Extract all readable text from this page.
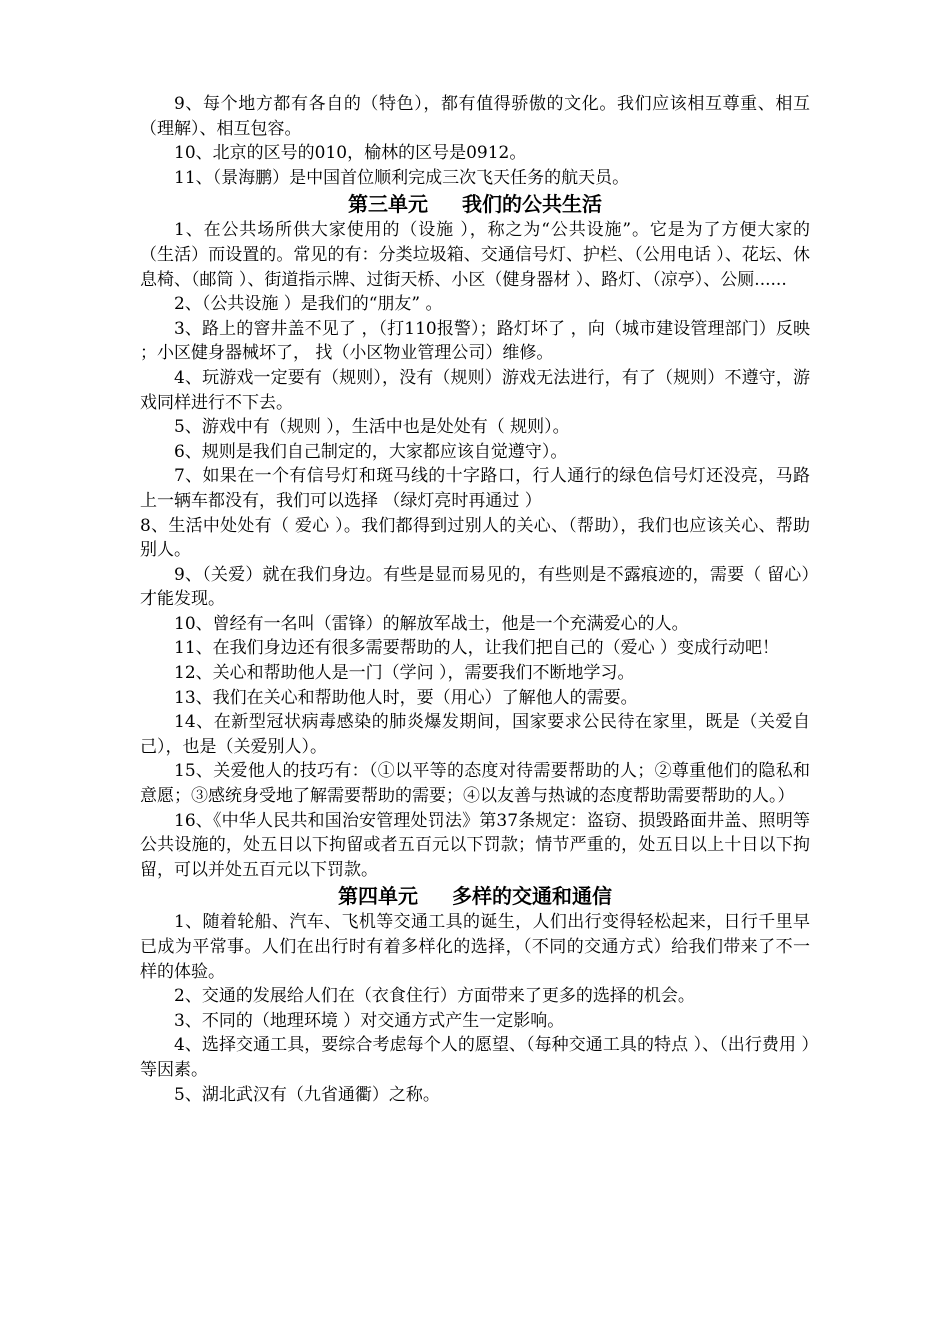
9、每个地方都有各自的（特色），都有值得骄傲的文化。我们应该相互尊重、相互（理解）、相互包容。

10、北京的区号的010，榆林的区号是0912。

11、（景海鹏）是中国首位顺利完成三次飞天任务的航天员。

第三单元 我们的公共生活

1、在公共场所供大家使用的（设施 ），称之为“公共设施”。它是为了方便大家的（生活）而设置的。常见的有：分类垃圾箱、交通信号灯、护栏、（公用电话 ）、花坛、休息椅、（邮筒 ）、街道指示牌、过街天桥、小区（健身器材 ）、路灯、（凉亭）、公厕......

2、（公共设施 ）是我们的“朋友” 。

3、路上的窨井盖不见了 ，（打110报警）；路灯坏了 ，向（城市建设管理部门）反映 ；小区健身器械坏了， 找（小区物业管理公司）维修。

4、玩游戏一定要有（规则），没有（规则）游戏无法进行，有了（规则）不遵守，游戏同样进行不下去。

5、游戏中有（规则 ），生活中也是处处有（ 规则）。

6、规则是我们自己制定的，大家都应该自觉遵守）。

7、如果在一个有信号灯和斑马线的十字路口，行人通行的绿色信号灯还没亮，马路上一辆车都没有，我们可以选择 （绿灯亮时再通过 ）

8、生活中处处有（ 爱心 ）。我们都得到过别人的关心、（帮助），我们也应该关心、帮助别人。

9、（关爱）就在我们身边。有些是显而易见的，有些则是不露痕迹的，需要（ 留心）才能发现。

10、曾经有一名叫（雷锋）的解放军战士，他是一个充满爱心的人。

11、在我们身边还有很多需要帮助的人，让我们把自己的（爱心 ）变成行动吧！

12、关心和帮助他人是一门（学问 ），需要我们不断地学习。

13、我们在关心和帮助他人时，要（用心）了解他人的需要。

14、在新型冠状病毒感染的肺炎爆发期间，国家要求公民待在家里，既是（关爱自己），也是（关爱别人）。

15、关爱他人的技巧有：（①以平等的态度对待需要帮助的人；②尊重他们的隐私和意愿；③感统身受地了解需要帮助的需要；④以友善与热诚的态度帮助需要帮助的人。）

16、《中华人民共和国治安管理处罚法》第37条规定：盗窃、损毁路面井盖、照明等公共设施的，处五日以下拘留或者五百元以下罚款；情节严重的，处五日以上十日以下拘留，可以并处五百元以下罚款。

第四单元 多样的交通和通信

1、随着轮船、汽车、飞机等交通工具的诞生，人们出行变得轻松起来，日行千里早已成为平常事。人们在出行时有着多样化的选择，（不同的交通方式）给我们带来了不一样的体验。

2、交通的发展给人们在（衣食住行）方面带来了更多的选择的机会。

3、不同的（地理环境 ）对交通方式产生一定影响。

4、选择交通工具，要综合考虑每个人的愿望、（每种交通工具的特点 ）、（出行费用 ）等因素。

5、湖北武汉有（九省通衢）之称。
